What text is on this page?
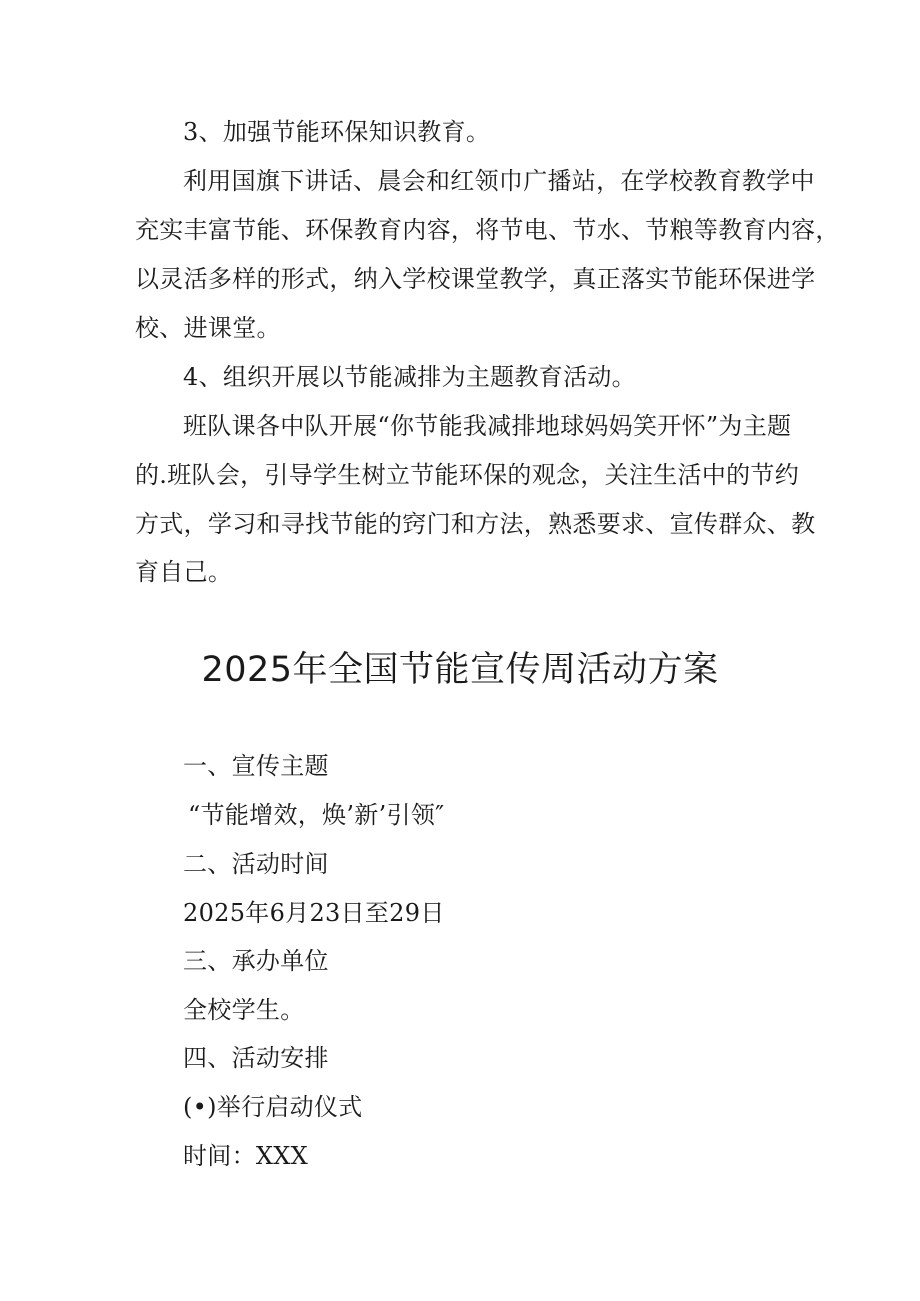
3、加强节能环保知识教育。
利用国旗下讲话、晨会和红领巾广播站，在学校教育教学中
充实丰富节能、环保教育内容，将节电、节水、节粮等教育内容，
以灵活多样的形式，纳入学校课堂教学，真正落实节能环保进学
校、进课堂。
4、组织开展以节能减排为主题教育活动。
班队课各中队开展“你节能我减排地球妈妈笑开怀”为主题
的.班队会，引导学生树立节能环保的观念，关注生活中的节约
方式，学习和寻找节能的窍门和方法，熟悉要求、宣传群众、教
育自己。
2025年全国节能宣传周活动方案
一、宣传主题
“节能增效，焕’新’引领″
二、活动时间
2025年6月23日至29日
三、承办单位
全校学生。
四、活动安排
(•)举行启动仪式
时间：XXX
